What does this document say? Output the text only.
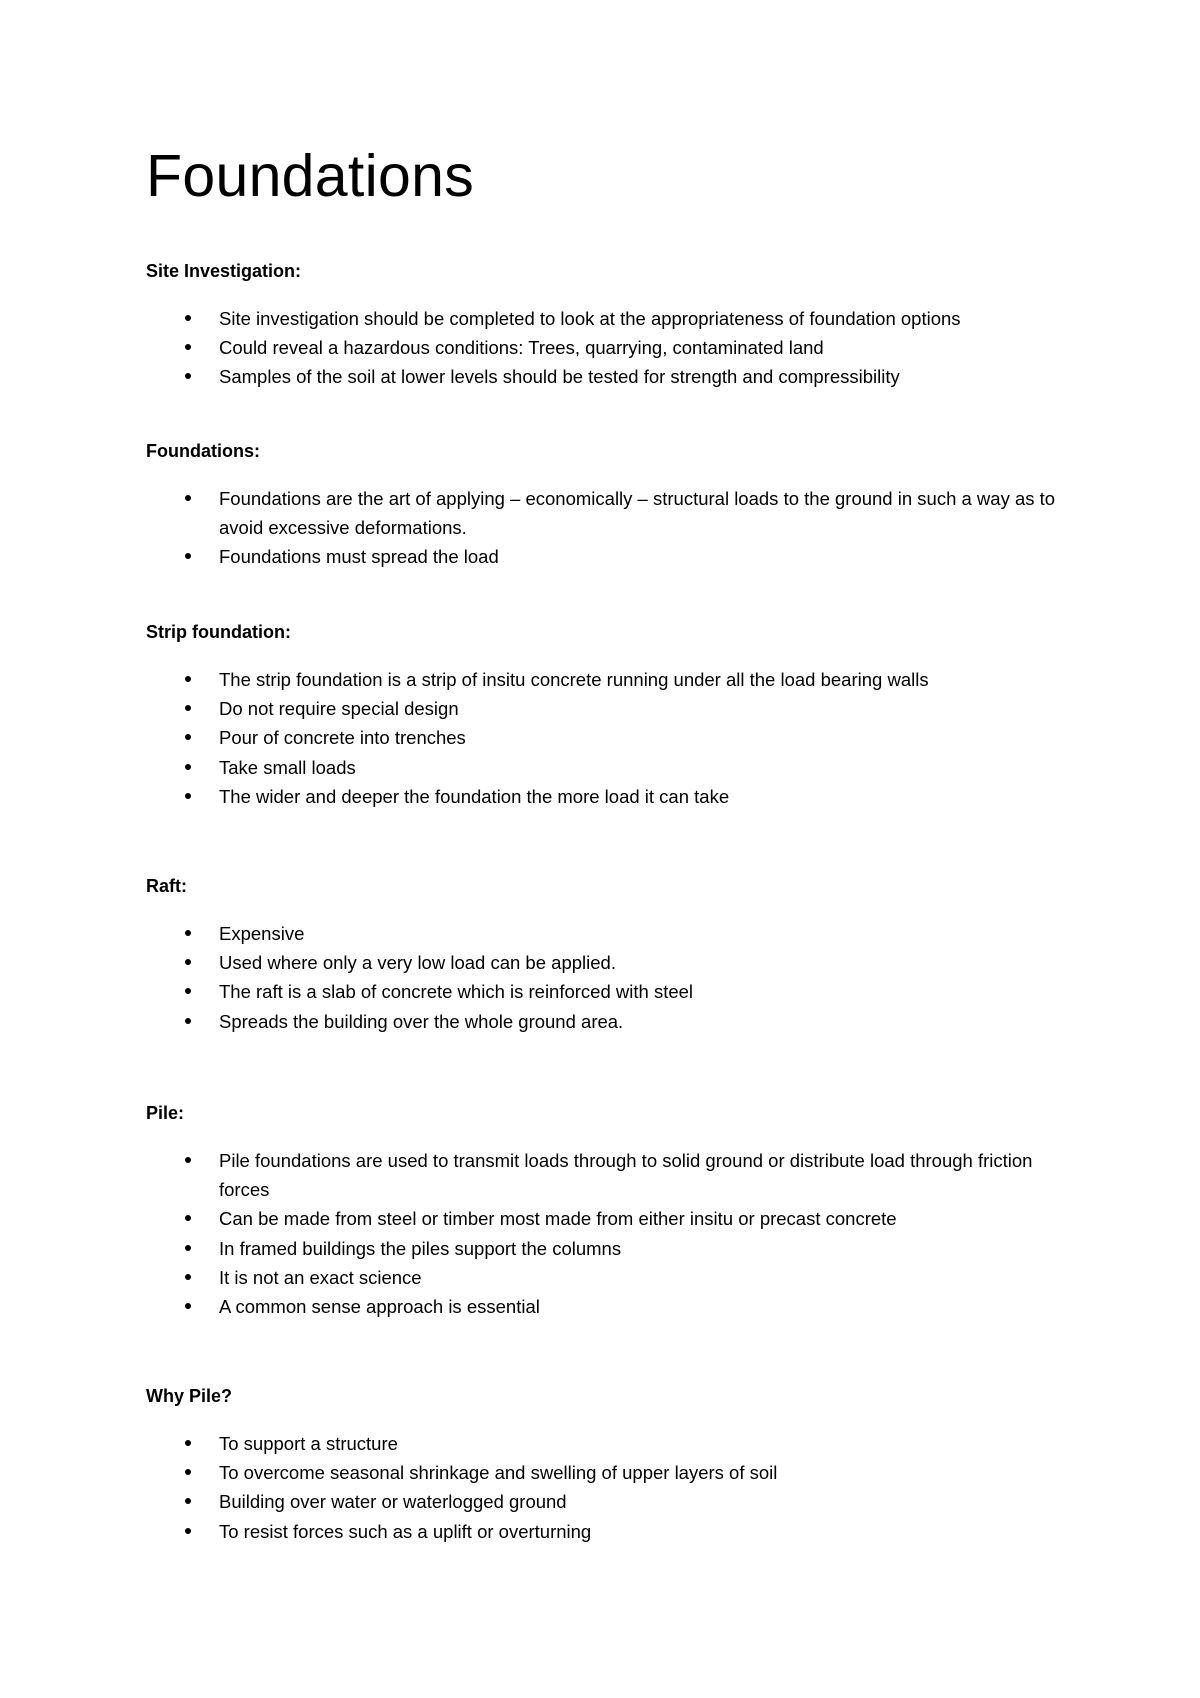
Foundations
Site Investigation:
Site investigation should be completed to look at the appropriateness of foundation options
Could reveal a hazardous conditions: Trees, quarrying, contaminated land
Samples of the soil at lower levels should be tested for strength and compressibility
Foundations:
Foundations are the art of applying – economically – structural loads to the ground in such a way as to avoid excessive deformations.
Foundations must spread the load
Strip foundation:
The strip foundation is a strip of insitu concrete running under all the load bearing walls
Do not require special design
Pour of concrete into trenches
Take small loads
The wider and deeper the foundation the more load it can take
Raft:
Expensive
Used where only a very low load can be applied.
The raft is a slab of concrete which is reinforced with steel
Spreads the building over the whole ground area.
Pile:
Pile foundations are used to transmit loads through to solid ground or distribute load through friction forces
Can be made from steel or timber most made from either insitu or precast concrete
In framed buildings the piles support the columns
It is not an exact science
A common sense approach is essential
Why Pile?
To support a structure
To overcome seasonal shrinkage and swelling of upper layers of soil
Building over water or waterlogged ground
To resist forces such as a uplift or overturning
